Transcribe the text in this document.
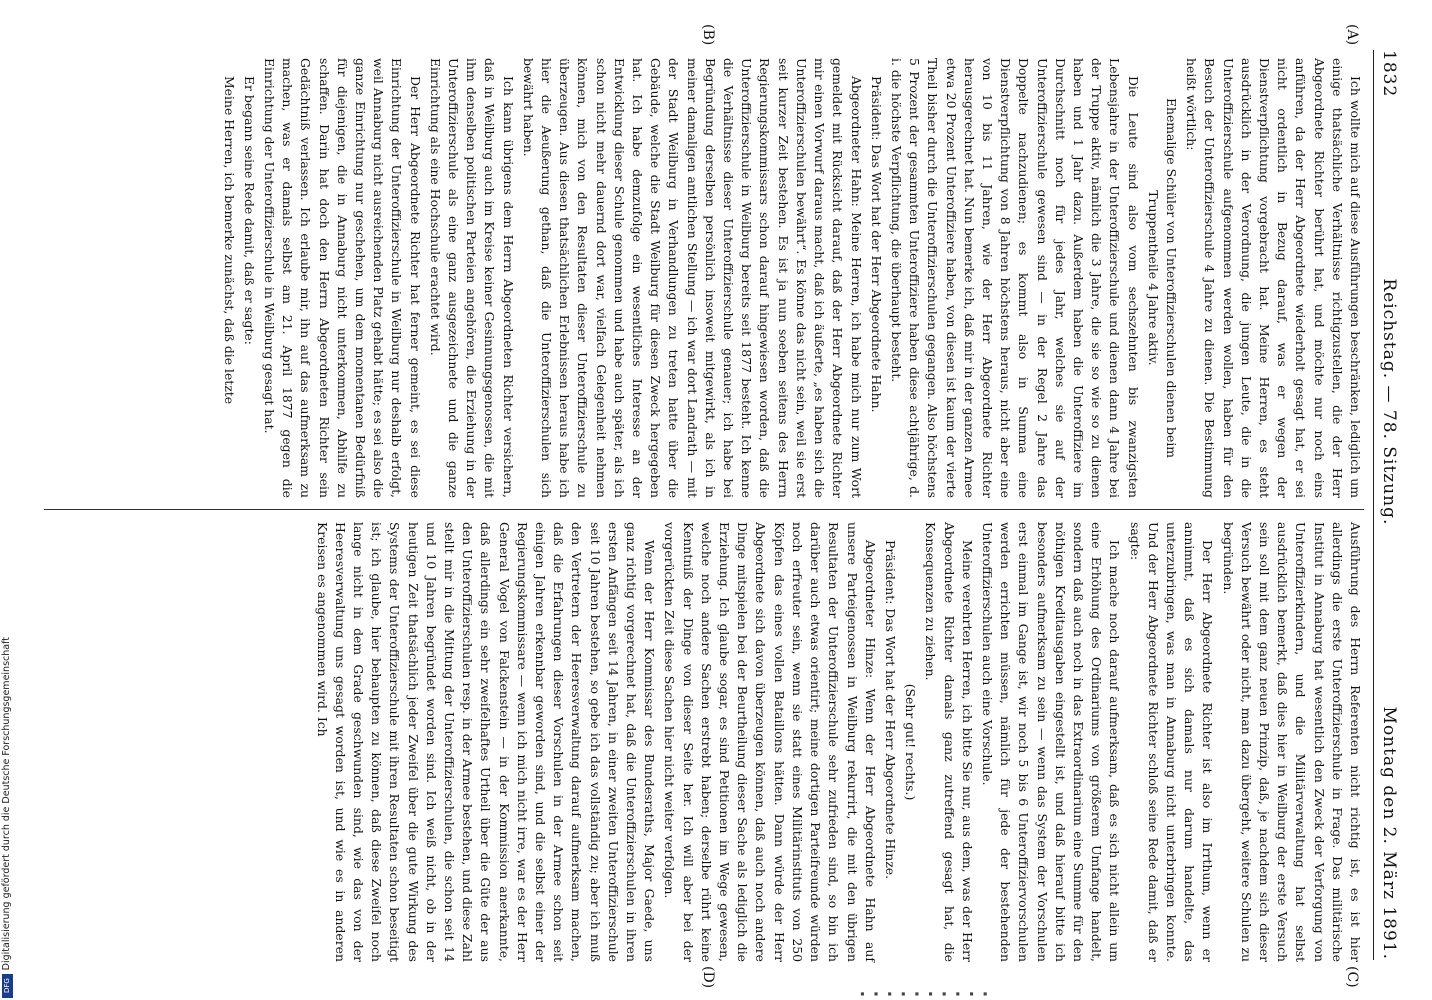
1832
Reichstag. — 78. Sitzung.
Montag den 2. März 1891.
(A)
(B)
(C)
(D)

Ich wollte mich auf diese Ausführungen beschränken, lediglich um einige thatsächliche Verhältnisse richtigzustellen, die der Herr Abgeordnete Richter berührt hat, und möchte nur noch eins anführen, da der Herr Abgeordnete wiederholt gesagt hat, er sei nicht ordentlich in Bezug darauf, was er wegen der Dienstverpflichtung vorgebracht hat. Meine Herren, es steht ausdrücklich in der Verordnung, die jungen Leute, die in die Unteroffizierschule aufgenommen werden wollen, haben für den Besuch der Unteroffizierschule 4 Jahre zu dienen. Die Bestimmung heißt wörtlich:

Ehemalige Schüler von Unteroffizierschulen dienen beim Truppentheile 4 Jahre aktiv.

Die Leute sind also vom sechszehnten bis zwanzigsten Lebensjahre in der Unteroffizierschule und dienen dann 4 Jahre bei der Truppe aktiv, nämlich die 3 Jahre, die sie so wie so zu dienen haben und 1 Jahr dazu. Außerdem haben die Unteroffiziere im Durchschnitt noch für jedes Jahr, welches sie auf der Unteroffizierschule gewesen sind — in der Regel 2 Jahre das Doppelte nachzudienen; es kommt also in Summa eine Dienstverpflichtung von 8 Jahren höchstens heraus, nicht aber eine von 10 bis 11 Jahren, wie der Herr Abgeordnete Richter herausgerechnet hat. Nun bemerke ich, daß mir in der ganzen Armee etwa 20 Prozent Unteroffiziere haben, von diesen ist kaum der vierte Theil bisher durch die Unteroffizierschulen gegangen. Also höchstens 5 Prozent der gesammten Unteroffiziere haben diese achtjährige, d. i. die höchste Verpflichtung, die überhaupt besteht.

Präsident: Das Wort hat der Herr Abgeordnete Hahn.

Abgeordneter Hahn: Meine Herren, ich habe mich nur zum Wort gemeldet mit Rücksicht darauf, daß der Herr Abgeordnete Richter mir einen Vorwurf daraus macht, daß ich äußerte, „es haben sich die Unteroffizierschulen bewährt“. Es könne das nicht sein, weil sie erst seit kurzer Zeit bestehen. Es ist ja nun soeben seitens des Herrn Regierungskommissars schon darauf hingewiesen worden, daß die Unteroffizierschule in Weilburg bereits seit 1877 besteht. Ich kenne die Verhältnisse dieser Unteroffizierschule genauer; ich habe bei Begründung derselben persönlich insoweit mitgewirkt, als ich in meiner damaligen amtlichen Stellung — ich war dort Landrath — mit der Stadt Weilburg in Verhandlungen zu treten hatte über die Gebäude, welche die Stadt Weilburg für diesen Zweck hergegeben hat. Ich habe demzufolge ein wesentliches Interesse an der Entwicklung dieser Schule genommen und habe auch später, als ich schon nicht mehr dauernd dort war, vielfach Gelegenheit nehmen können, mich von den Resultaten dieser Unteroffizierschule zu überzeugen. Aus diesen thatsächlichen Erlebnissen heraus habe ich hier die Aeußerung gethan, daß die Unteroffizierschulen sich bewährt haben.

Ich kann übrigens dem Herrn Abgeordneten Richter versichern, daß in Weilburg auch im Kreise keiner Gesinnungsgenossen, die mit ihm denselben politischen Parteien angehören, die Erziehung in der Unteroffizierschule als eine ganz ausgezeichnete und die ganze Einrichtung als eine Hochschule erachtet wird.

Der Herr Abgeordnete Richter hat ferner gemeint, es sei diese Einrichtung der Unteroffizierschule in Weilburg nur deshalb erfolgt, weil Annaburg nicht ausreichenden Platz gehabt hätte; es sei also die ganze Einrichtung nur geschehen, um dem momentanen Bedürfniß für diejenigen, die in Annaburg nicht unterkommen, Abhilfe zu schaffen. Darin hat doch den Herrn Abgeordneten Richter sein Gedächtniß verlassen. Ich erlaube mir, ihn auf das aufmerksam zu machen, was er damals selbst am 21. April 1877 gegen die Einrichtung der Unteroffizierschule in Weilburg gesagt hat.

Er begann seine Rede damit, daß er sagte:

Meine Herren, ich bemerke zunächst, daß die letzte

Ausführung des Herrn Referenten nicht richtig ist, es ist hier allerdings die erste Unteroffizierschule in Frage. Das militärische Institut in Annaburg hat wesentlich den Zweck der Verforgung von Unteroffizierkindern, und die Militärverwaltung hat selbst ausdrücklich bemerkt, daß dies hier in Weilburg der erste Versuch sein soll mit dem ganz neuen Prinzip, daß, je nachdem sich dieser Versuch bewährt oder nicht, man dazu übergeht, weitere Schulen zu begründen.

Der Herr Abgeordnete Richter ist also im Irrthum, wenn er annimmt, daß es sich damals nur darum handelte, das unterzubringen, was man in Annaburg nicht unterbringen konnte. Und der Herr Abgeordnete Richter schloß seine Rede damit, daß er sagte:

Ich mache noch darauf aufmerksam, daß es sich nicht allein um eine Erhöhung des Ordinariums von größerem Umfange handelt, sondern daß auch noch in das Extraordinarium eine Summe für den nöthigen Kreditausgaben eingestellt ist, und daß hierauf bitte ich besonders aufmerksam zu sein — wenn das System der Vorschulen erst einmal im Gange ist, wir noch 5 bis 6 Unteroffiziervorschulen werden errichten müssen, nämlich für jede der bestehenden Unteroffizierschulen auch eine Vorschule.

Meine verehrten Herren, ich bitte Sie nur, aus dem, was der Herr Abgeordnete Richter damals ganz zutreffend gesagt hat, die Konsequenzen zu ziehen.

(Sehr gut! rechts.)

Präsident: Das Wort hat der Herr Abgeordnete Hinze.

Abgeordneter Hinze: Wenn der Herr Abgeordnete Hahn auf unsere Parteigenossen in Weilburg rekurrirt, die mit den übrigen Resultaten der Unteroffizierschule sehr zufrieden sind, so bin ich darüber auch etwas orientirt; meine dortigen Parteifreunde würden noch erfreuter sein, wenn sie statt eines Militärinstituts von 250 Köpfen das eines vollen Bataillons hätten. Dann würde der Herr Abgeordnete sich davon überzeugen können, daß auch noch andere Dinge mitspielen bei der Beurtheilung dieser Sache als lediglich die Erziehung. Ich glaube sogar, es sind Petitionen im Wege gewesen, welche noch andere Sachen erstrebt haben; derselbe rührt keine Kenntniß der Dinge von dieser Seite her. Ich will aber bei der vorgerückten Zeit diese Sachen hier nicht weiter verfolgen.

Wenn der Herr Kommissar des Bundesraths, Major Gaede, uns ganz richtig vorgerechnet hat, daß die Unteroffizierschulen in ihren ersten Anfängen seit 14 Jahren, in einer zweiten Unteroffizierschule seit 10 Jahren bestehen, so gebe ich das vollständig zu; aber ich muß den Vertretern der Heeresverwaltung darauf aufmerksam machen, daß die Erfahrungen dieser Vorschulen in der Armee schon seit einigen Jahren erkennbar geworden sind, und die selbst einer der Regierungskommissare — wenn ich mich nicht irre, war es der Herr General Vogel von Falckenstein — in der Kommission anerkannte, daß allerdings ein sehr zweifelhaftes Urtheil über die Güte der aus den Unteroffizierschulen resp. in der Armee bestehen, und diese Zahl stellt mir in die Mittung der Unteroffizierschulen, die schon seit 14 und 10 Jahren begründet worden sind. Ich weiß nicht, ob in der heutigen Zeit thatsächlich jeder Zweifel über die gute Wirkung des Systems der Unteroffizierschule mit ihren Resultaten schon beseitigt ist; ich glaube, hier behaupten zu können, daß diese Zweifel noch lange nicht in dem Grade geschwunden sind, wie das von der Heeresverwaltung uns gesagt worden ist, und wie es in anderen Kreisen es angenommen wird. Ich

Digitalisierung gefördert durch die Deutsche Forschungsgemeinschaft
DFG
▪ ▪ ▪ ▪ ▪ ▪ ▪ ▪ ▪ ▪
